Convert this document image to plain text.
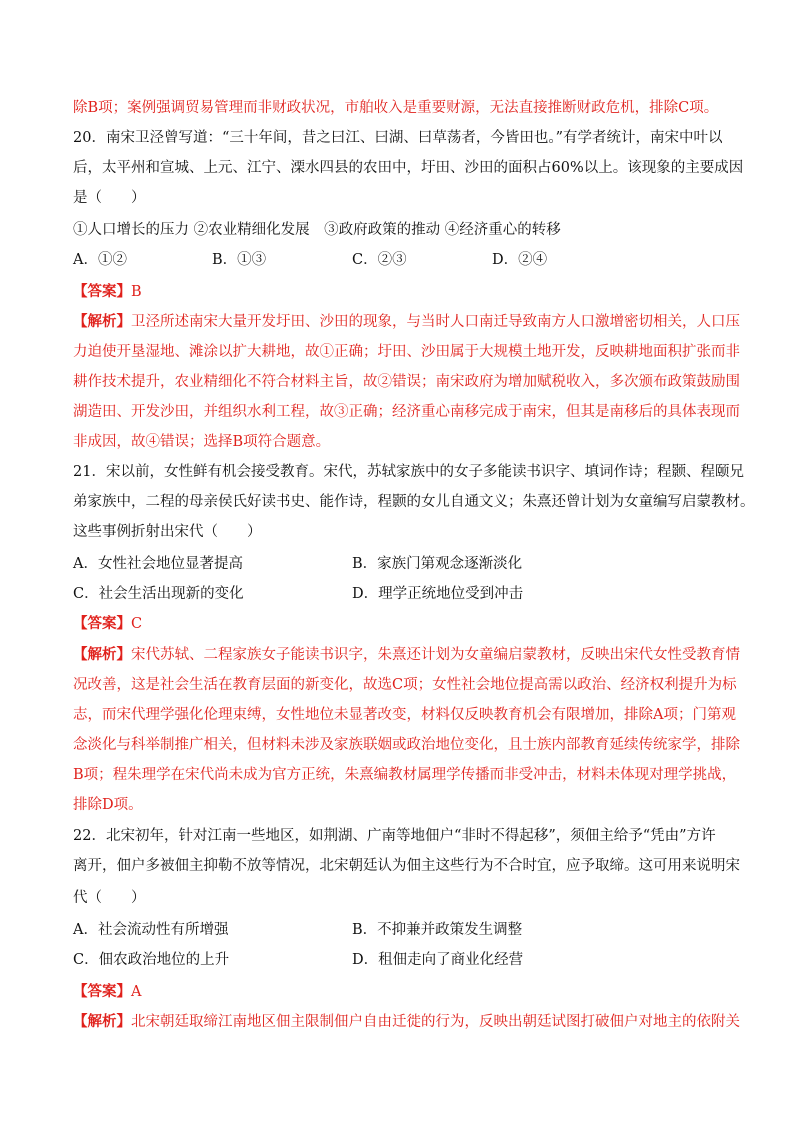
除B项；案例强调贸易管理而非财政状况，市舶收入是重要财源，无法直接推断财政危机，排除C项。
20．南宋卫泾曾写道：“三十年间，昔之曰江、曰湖、曰草荡者，今皆田也。”有学者统计，南宋中叶以
后，太平州和宣城、上元、江宁、溧水四县的农田中，圩田、沙田的面积占60%以上。该现象的主要成因
是（　　）
①人口增长的压力 ②农业精细化发展　③政府政策的推动 ④经济重心的转移
A．①②	B．①③	C．②③	D．②④
【答案】B
【解析】卫泾所述南宋大量开发圩田、沙田的现象，与当时人口南迁导致南方人口激增密切相关，人口压
力迫使开垦湿地、滩涂以扩大耕地，故①正确；圩田、沙田属于大规模土地开发，反映耕地面积扩张而非
耕作技术提升，农业精细化不符合材料主旨，故②错误；南宋政府为增加赋税收入，多次颁布政策鼓励围
湖造田、开发沙田，并组织水利工程，故③正确；经济重心南移完成于南宋，但其是南移后的具体表现而
非成因，故④错误；选择B项符合题意。
21．宋以前，女性鲜有机会接受教育。宋代，苏轼家族中的女子多能读书识字、填词作诗；程颢、程颐兄
弟家族中，二程的母亲侯氏好读书史、能作诗，程颢的女儿自通文义；朱熹还曾计划为女童编写启蒙教材。
这些事例折射出宋代（　　）
A．女性社会地位显著提高	B．家族门第观念逐渐淡化
C．社会生活出现新的变化	D．理学正统地位受到冲击
【答案】C
【解析】宋代苏轼、二程家族女子能读书识字，朱熹还计划为女童编启蒙教材，反映出宋代女性受教育情
况改善，这是社会生活在教育层面的新变化，故选C项；女性社会地位提高需以政治、经济权利提升为标
志，而宋代理学强化伦理束缚，女性地位未显著改变，材料仅反映教育机会有限增加，排除A项；门第观
念淡化与科举制推广相关，但材料未涉及家族联姻或政治地位变化，且士族内部教育延续传统家学，排除
B项；程朱理学在宋代尚未成为官方正统，朱熹编教材属理学传播而非受冲击，材料未体现对理学挑战，
排除D项。
22．北宋初年，针对江南一些地区，如荆湖、广南等地佃户“非时不得起移”，须佃主给予“凭由”方许
离开，佃户多被佃主抑勒不放等情况，北宋朝廷认为佃主这些行为不合时宜，应予取缔。这可用来说明宋
代（　　）
A．社会流动性有所增强	B．不抑兼并政策发生调整
C．佃农政治地位的上升	D．租佃走向了商业化经营
【答案】A
【解析】北宋朝廷取缔江南地区佃主限制佃户自由迁徙的行为，反映出朝廷试图打破佃户对地主的依附关
